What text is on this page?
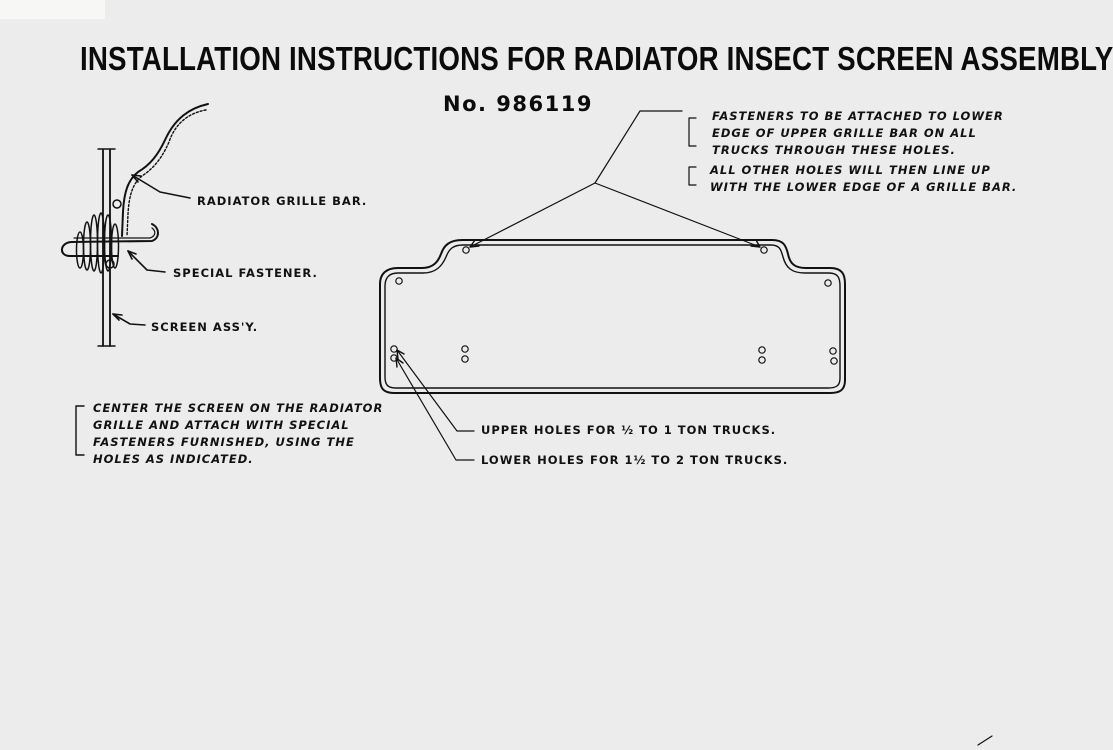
INSTALLATION INSTRUCTIONS FOR RADIATOR INSECT SCREEN ASSEMBLY
No. 986119
RADIATOR GRILLE BAR.
SPECIAL FASTENER.
SCREEN ASS'Y.
CENTER THE SCREEN ON THE RADIATOR
GRILLE AND ATTACH WITH SPECIAL
FASTENERS FURNISHED, USING THE
HOLES AS INDICATED.
FASTENERS TO BE ATTACHED TO LOWER
EDGE OF UPPER GRILLE BAR ON ALL
TRUCKS THROUGH THESE HOLES.
ALL OTHER HOLES WILL THEN LINE UP
WITH THE LOWER EDGE OF A GRILLE BAR.
UPPER HOLES FOR ½ TO 1 TON TRUCKS.
LOWER HOLES FOR 1½ TO 2 TON TRUCKS.
